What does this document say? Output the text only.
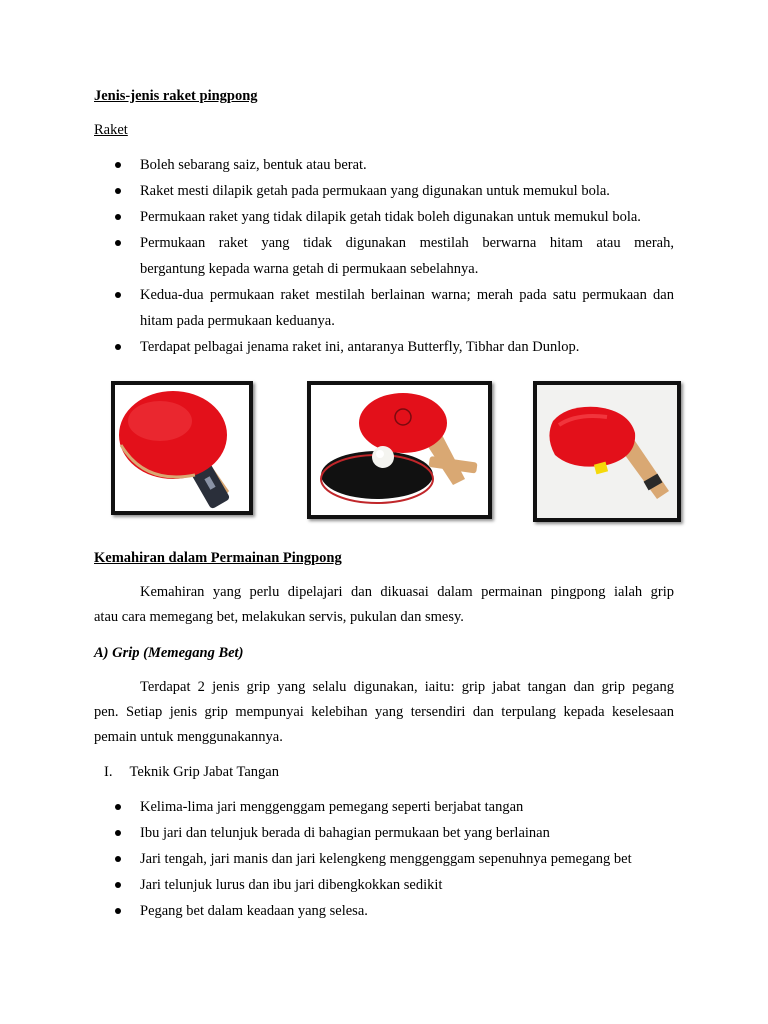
Jenis-jenis raket pingpong
Raket
Boleh sebarang saiz, bentuk atau berat.
Raket mesti dilapik getah pada permukaan yang digunakan untuk memukul bola.
Permukaan raket yang tidak dilapik getah tidak boleh digunakan untuk memukul bola.
Permukaan raket yang tidak digunakan mestilah berwarna hitam atau merah,
bergantung kepada warna getah di permukaan sebelahnya.
Kedua-dua permukaan raket mestilah berlainan warna; merah pada satu permukaan dan
hitam pada permukaan keduanya.
Terdapat pelbagai jenama raket ini, antaranya Butterfly, Tibhar dan Dunlop.
Kemahiran dalam Permainan Pingpong
Kemahiran yang perlu dipelajari dan dikuasai dalam permainan pingpong ialah grip
atau cara memegang bet, melakukan servis, pukulan dan smesy.
A) Grip (Memegang Bet)
Terdapat 2 jenis grip yang selalu digunakan, iaitu: grip jabat tangan dan grip pegang
pen. Setiap jenis grip mempunyai kelebihan yang tersendiri dan terpulang kepada keselesaan
pemain untuk menggunakannya.
I. Teknik Grip Jabat Tangan
Kelima-lima jari menggenggam pemegang seperti berjabat tangan
Ibu jari dan telunjuk berada di bahagian permukaan bet yang berlainan
Jari tengah, jari manis dan jari kelengkeng menggenggam sepenuhnya pemegang bet
Jari telunjuk lurus dan ibu jari dibengkokkan sedikit
Pegang bet dalam keadaan yang selesa.
